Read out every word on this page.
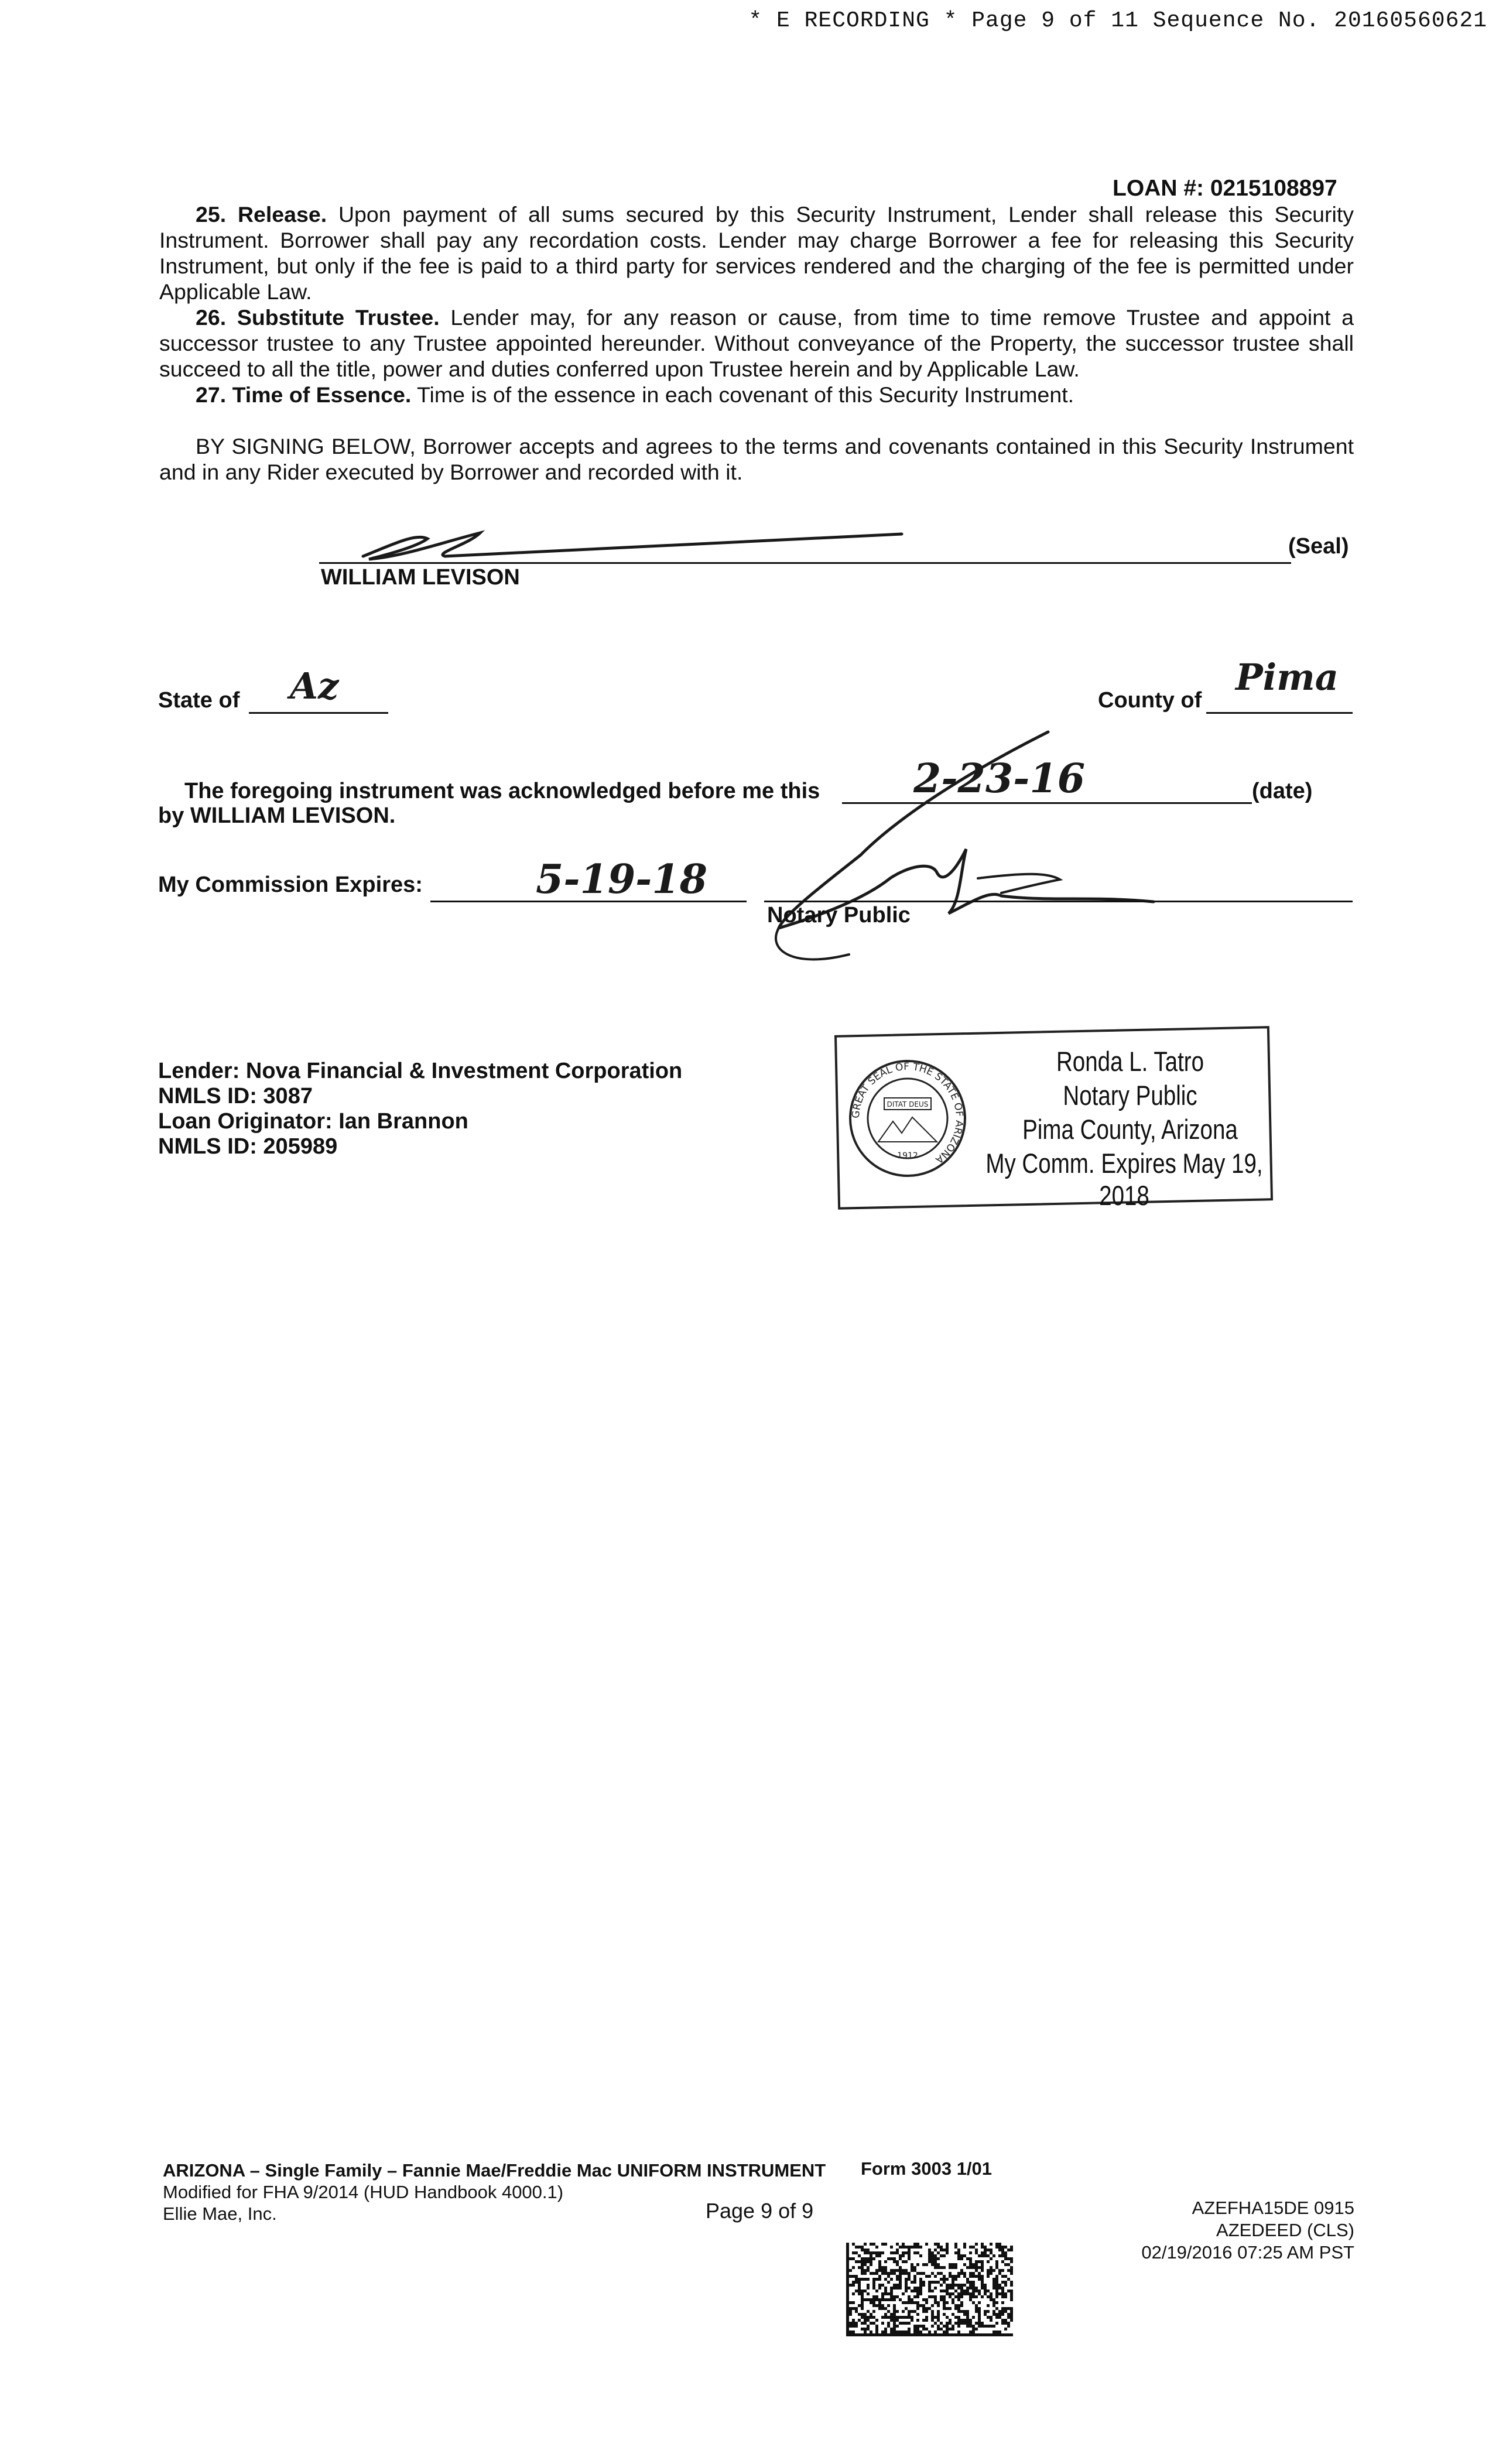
* E RECORDING * Page 9 of 11 Sequence No. 20160560621
LOAN #: 0215108897
25. Release. Upon payment of all sums secured by this Security Instrument, Lender shall release this Security Instrument. Borrower shall pay any recordation costs. Lender may charge Borrower a fee for releasing this Security Instrument, but only if the fee is paid to a third party for services rendered and the charging of the fee is permitted under Applicable Law.
26. Substitute Trustee. Lender may, for any reason or cause, from time to time remove Trustee and appoint a successor trustee to any Trustee appointed hereunder. Without conveyance of the Property, the successor trustee shall succeed to all the title, power and duties conferred upon Trustee herein and by Applicable Law.
27. Time of Essence. Time is of the essence in each covenant of this Security Instrument.
BY SIGNING BELOW, Borrower accepts and agrees to the terms and covenants contained in this Security Instrument and in any Rider executed by Borrower and recorded with it.
(Seal)
WILLIAM LEVISON
State of Az	County of
Pima
The foregoing instrument was acknowledged before me this 2-23-16	(date)
by WILLIAM LEVISON.
My Commission Expires:	5-19-18
Notary Public
Lender: Nova Financial & Investment Corporation
NMLS ID: 3087
Loan Originator: Ian Brannon
NMLS ID: 205989
GREAT SEAL OF THE STATE OF ARIZONA
DITAT DEUS
1912
Ronda L. Tatro
Notary Public
Pima County, Arizona
My Comm. Expires May 19, 2018
ARIZONA – Single Family – Fannie Mae/Freddie Mac UNIFORM INSTRUMENT Form 3003 1/01
Modified for FHA 9/2014 (HUD Handbook 4000.1)
Ellie Mae, Inc.	Page 9 of 9	AZEFHA15DE 0915
AZEDEED (CLS)
02/19/2016 07:25 AM PST
